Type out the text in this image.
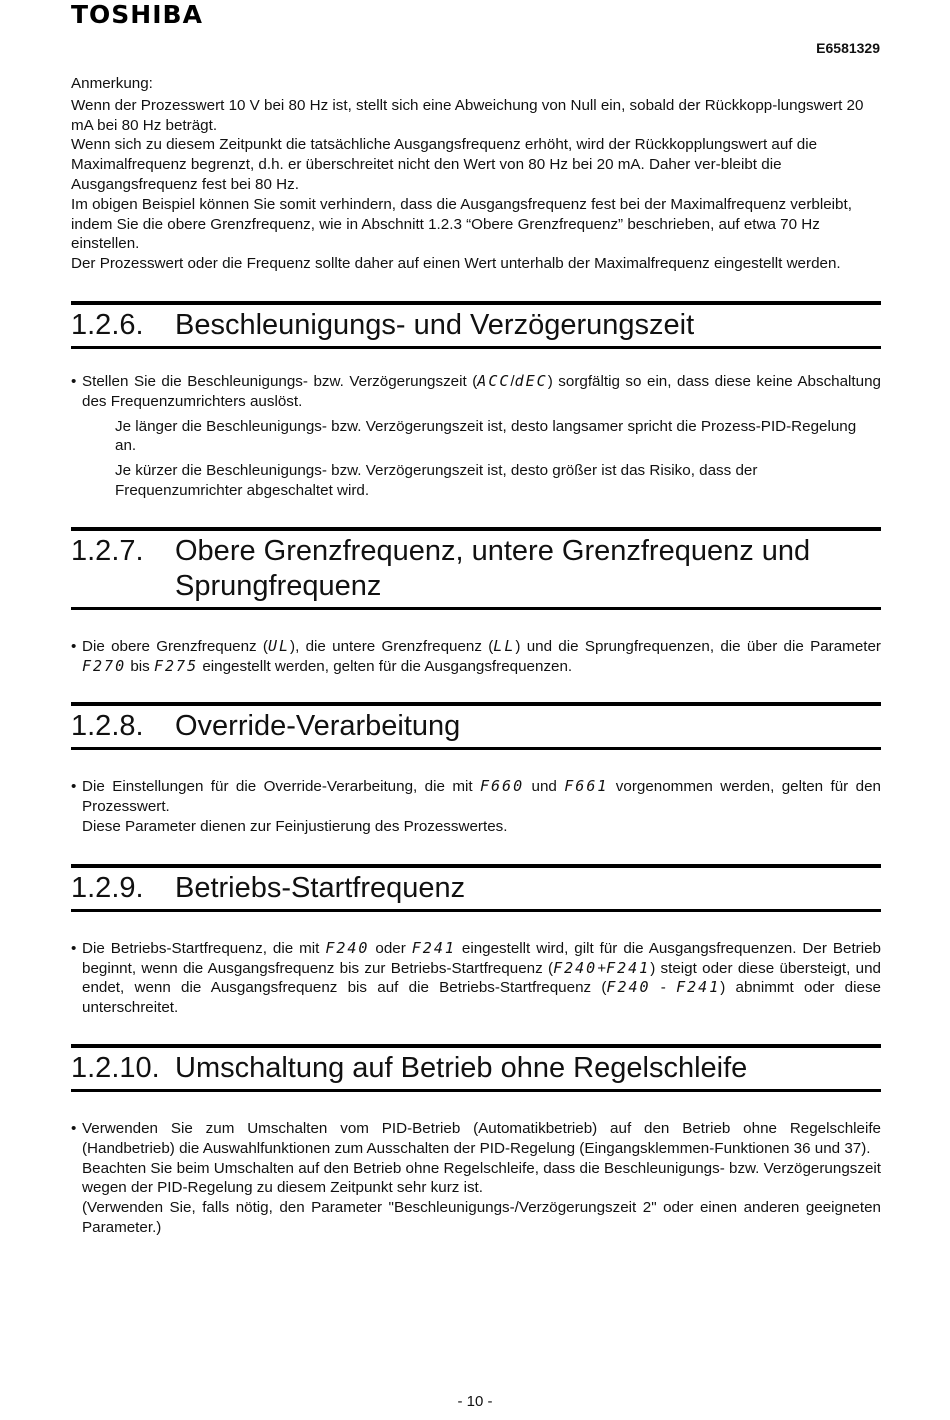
TOSHIBA
E6581329

Anmerkung:

Wenn der Prozesswert 10 V bei 80 Hz ist, stellt sich eine Abweichung von Null ein, sobald der Rückkopp-lungswert 20 mA bei 80 Hz beträgt.

Wenn sich zu diesem Zeitpunkt die tatsächliche Ausgangsfrequenz erhöht, wird der Rückkopplungswert auf die Maximalfrequenz begrenzt, d.h. er überschreitet nicht den Wert von 80 Hz bei 20 mA. Daher ver-bleibt die Ausgangsfrequenz fest bei 80 Hz.

Im obigen Beispiel können Sie somit verhindern, dass die Ausgangsfrequenz fest bei der Maximalfrequenz verbleibt, indem Sie die obere Grenzfrequenz, wie in Abschnitt 1.2.3 “Obere Grenzfrequenz” beschrieben, auf etwa 70 Hz einstellen.

Der Prozesswert oder die Frequenz sollte daher auf einen Wert unterhalb der Maximalfrequenz eingestellt werden.

1.2.6.	Beschleunigungs- und Verzögerungszeit
• Stellen Sie die Beschleunigungs- bzw. Verzögerungszeit (ACC/dEC) sorgfältig so ein, dass diese keine Abschaltung des Frequenzumrichters auslöst.

Je länger die Beschleunigungs- bzw. Verzögerungszeit ist, desto langsamer spricht die Prozess-PID-Regelung an.

Je kürzer die Beschleunigungs- bzw. Verzögerungszeit ist, desto größer ist das Risiko, dass der Frequenzumrichter abgeschaltet wird.

1.2.7.	Obere Grenzfrequenz, untere Grenzfrequenz und Sprungfrequenz
• Die obere Grenzfrequenz (UL), die untere Grenzfrequenz (LL) und die Sprungfrequenzen, die über die Parameter F270 bis F275 eingestellt werden, gelten für die Ausgangsfrequenzen.
1.2.8.	Override-Verarbeitung
• Die Einstellungen für die Override-Verarbeitung, die mit F660 und F661 vorgenommen werden, gelten für den Prozesswert.
Diese Parameter dienen zur Feinjustierung des Prozesswertes.
1.2.9.	Betriebs-Startfrequenz
• Die Betriebs-Startfrequenz, die mit F240 oder F241 eingestellt wird, gilt für die Ausgangsfrequenzen. Der Betrieb beginnt, wenn die Ausgangsfrequenz bis zur Betriebs-Startfrequenz (F240+F241) steigt oder diese übersteigt, und endet, wenn die Ausgangsfrequenz bis auf die Betriebs-Startfrequenz (F240 - F241) abnimmt oder diese unterschreitet.
1.2.10. Umschaltung auf Betrieb ohne Regelschleife
• Verwenden Sie zum Umschalten vom PID-Betrieb (Automatikbetrieb) auf den Betrieb ohne Regelschleife (Handbetrieb) die Auswahlfunktionen zum Ausschalten der PID-Regelung (Eingangsklemmen-Funktionen 36 und 37).
Beachten Sie beim Umschalten auf den Betrieb ohne Regelschleife, dass die Beschleunigungs- bzw. Verzögerungszeit wegen der PID-Regelung zu diesem Zeitpunkt sehr kurz ist.
(Verwenden Sie, falls nötig, den Parameter "Beschleunigungs-/Verzögerungszeit 2" oder einen anderen geeigneten Parameter.)
- 10 -
